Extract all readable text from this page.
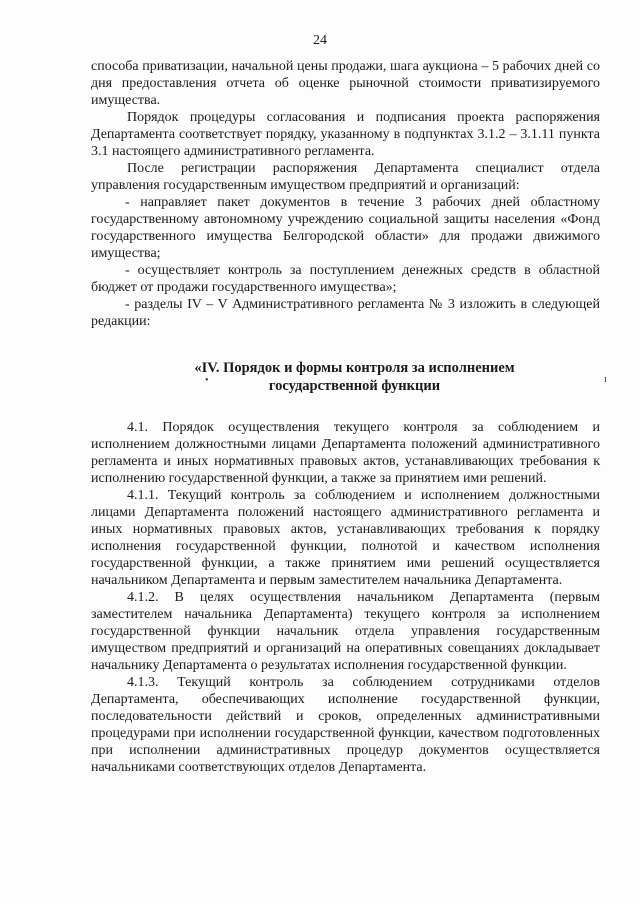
24

способа приватизации, начальной цены продажи, шага аукциона – 5 рабочих дней со дня предоставления отчета об оценке рыночной стоимости приватизируемого имущества.

Порядок процедуры согласования и подписания проекта распоряжения Департамента соответствует порядку, указанному в подпунктах 3.1.2 – 3.1.11 пункта 3.1 настоящего административного регламента.

После регистрации распоряжения Департамента специалист отдела управления государственным имуществом предприятий и организаций:

- направляет пакет документов в течение 3 рабочих дней областному государственному автономному учреждению социальной защиты населения «Фонд государственного имущества Белгородской области» для продажи движимого имущества;

- осуществляет контроль за поступлением денежных средств в областной бюджет от продажи государственного имущества»;

- разделы IV – V Административного регламента № 3 изложить в следующей редакции:

«IV. Порядок и формы контроля за исполнением
государственной функции

4.1. Порядок осуществления текущего контроля за соблюдением и исполнением должностными лицами Департамента положений административного регламента и иных нормативных правовых актов, устанавливающих требования к исполнению государственной функции, а также за принятием ими решений.

4.1.1. Текущий контроль за соблюдением и исполнением должностными лицами Департамента положений настоящего административного регламента и иных нормативных правовых актов, устанавливающих требования к порядку исполнения государственной функции, полнотой и качеством исполнения государственной функции, а также принятием ими решений осуществляется начальником Департамента и первым заместителем начальника Департамента.

4.1.2. В целях осуществления начальником Департамента (первым заместителем начальника Департамента) текущего контроля за исполнением государственной функции начальник отдела управления государственным имуществом предприятий и организаций на оперативных совещаниях докладывает начальнику Департамента о результатах исполнения государственной функции.

4.1.3. Текущий контроль за соблюдением сотрудниками отделов Департамента, обеспечивающих исполнение государственной функции, последовательности действий и сроков, определенных административными процедурами при исполнении государственной функции, качеством подготовленных при исполнении административных процедур документов осуществляется начальниками соответствующих отделов Департамента.

•	ı
